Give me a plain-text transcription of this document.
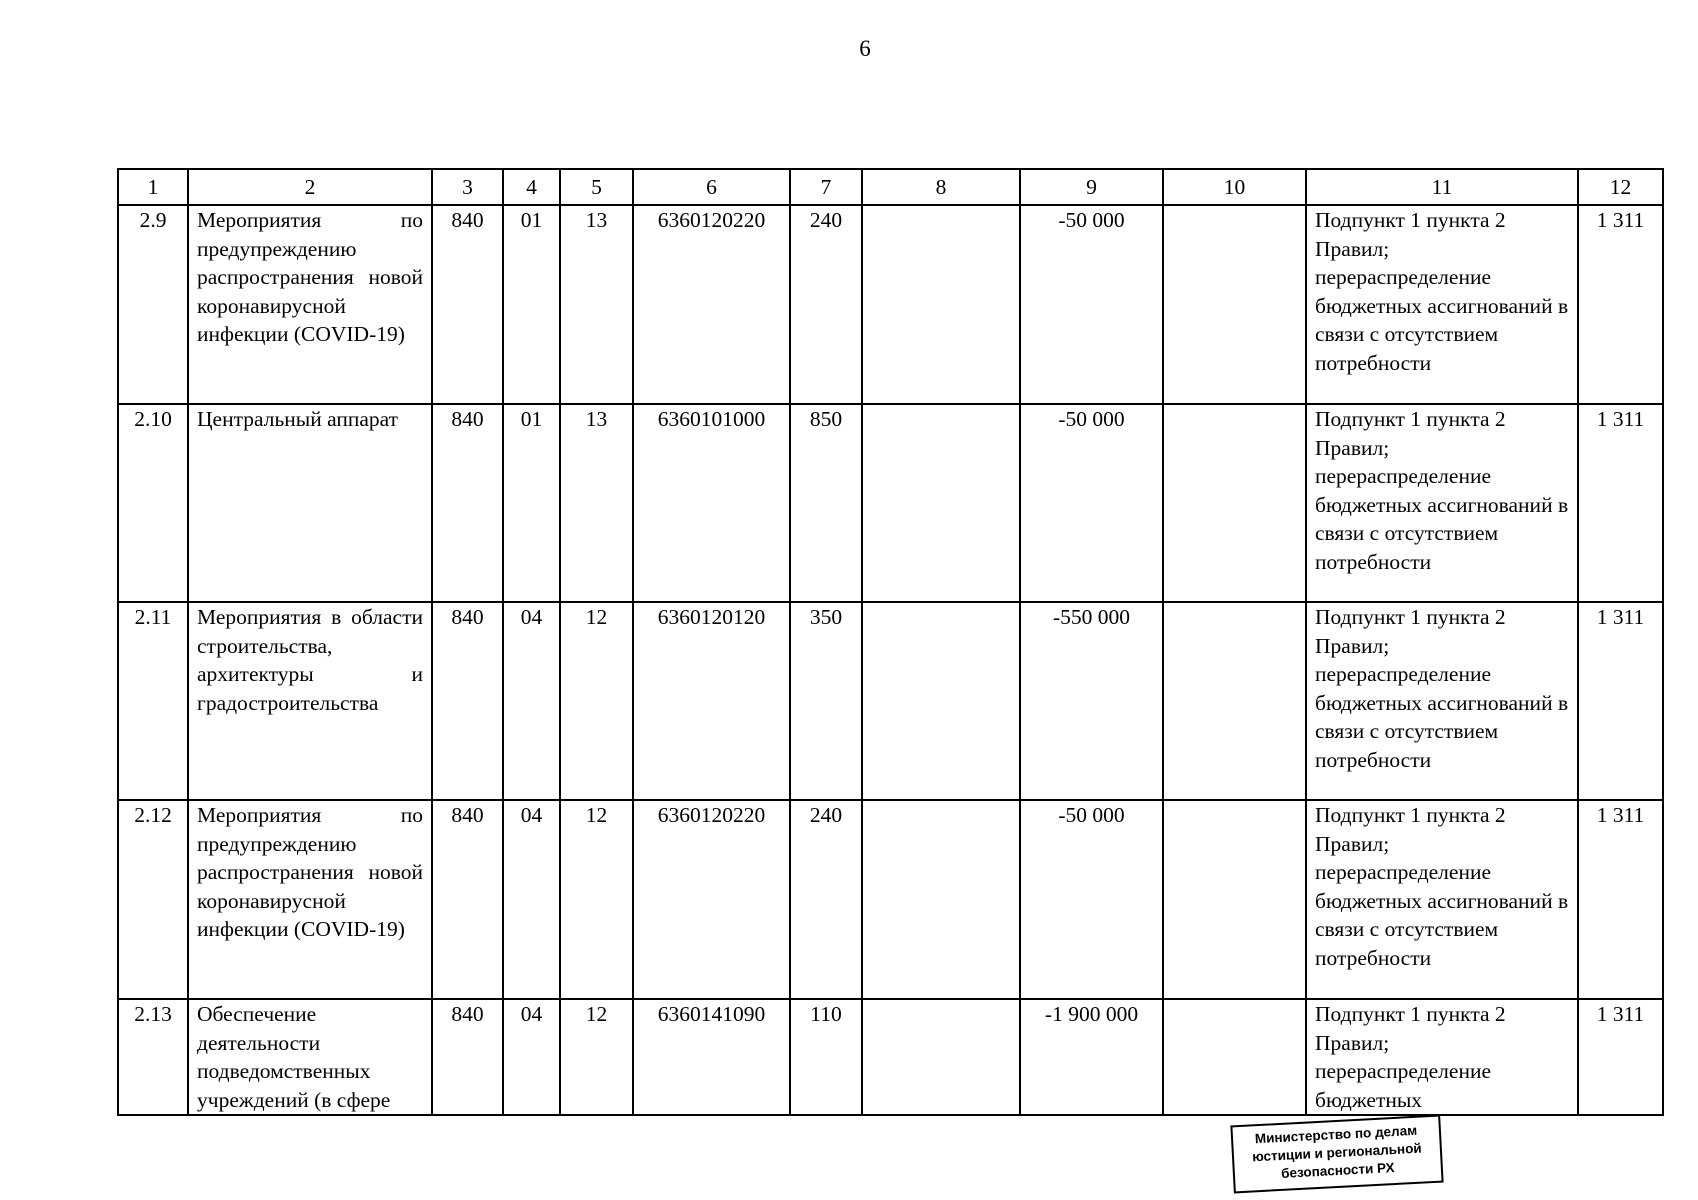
6
1	2	3	4	5	6	7	8	9	10	11	12
2.9	Мероприятия по предупреждению распространения новой коронавирусной инфекции (COVID-19)	840	01	13	6360120220	240		-50 000		Подпункт 1 пункта 2 Правил; перераспределение бюджетных ассигнований в связи с отсутствием потребности	1 311
2.10	Центральный аппарат	840	01	13	6360101000	850		-50 000		Подпункт 1 пункта 2 Правил; перераспределение бюджетных ассигнований в связи с отсутствием потребности	1 311
2.11	Мероприятия в области строительства, архитектуры и градостроительства	840	04	12	6360120120	350		-550 000		Подпункт 1 пункта 2 Правил; перераспределение бюджетных ассигнований в связи с отсутствием потребности	1 311
2.12	Мероприятия по предупреждению распространения новой коронавирусной инфекции (COVID-19)	840	04	12	6360120220	240		-50 000		Подпункт 1 пункта 2 Правил; перераспределение бюджетных ассигнований в связи с отсутствием потребности	1 311
2.13	Обеспечение деятельности подведомственных учреждений (в сфере	840	04	12	6360141090	110		-1 900 000		Подпункт 1 пункта 2 Правил; перераспределение бюджетных	1 311
Министерство по делам
юстиции и региональной
безопасности РХ
